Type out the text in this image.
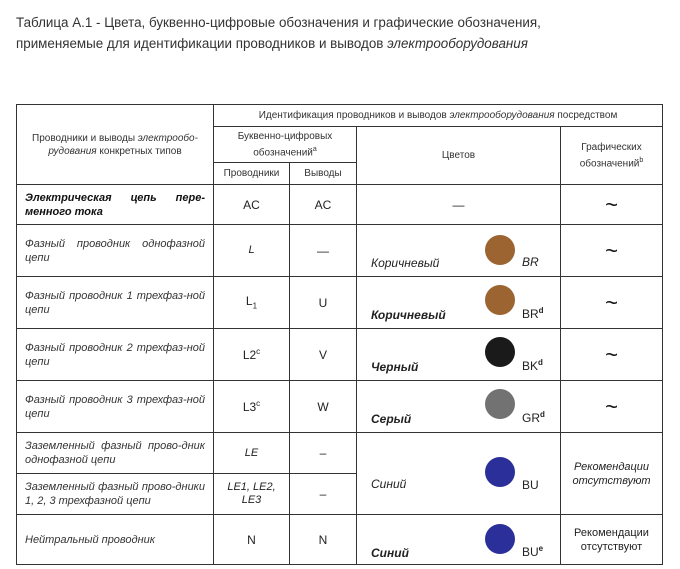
Таблица А.1 - Цвета, буквенно-цифровые обозначения и графические обозначения,
применяемые для идентификации проводников и выводов электрооборудования
Проводники и выводы электрообо-
рудования конкретных типов	Идентификация проводников и выводов электрооборудования посредством			
	Буквенно-цифровых
обозначений$^a$		Цветов	Графических
обозначений$^b$
	Проводники	Выводы		
Электрическая цепь пере-менного тока	AC	AC	—	~
Фазный проводник однофазной цепи	L	—	Коричневый BR	~
Фазный проводник 1 трехфаз-ной цепи	$L_1$	U	Коричневый $BR^d$	~
Фазный проводник 2 трехфаз-ной цепи	L2$^c$	V	Черный $BK^d$	~
Фазный проводник 3 трехфаз-ной цепи	L3$^c$	W	Серый $GR^d$	~
Заземленный фазный прово-дник однофазной цепи	LE	–	Синий BU	Рекомендации
отсутствуют
Заземленный фазный прово-дники 1, 2, 3 трехфазной цепи	LE1, LE2,
LE3	–		
Нейтральный проводник	N	N	Синий $BU^e$	Рекомендации
отсутствуют
